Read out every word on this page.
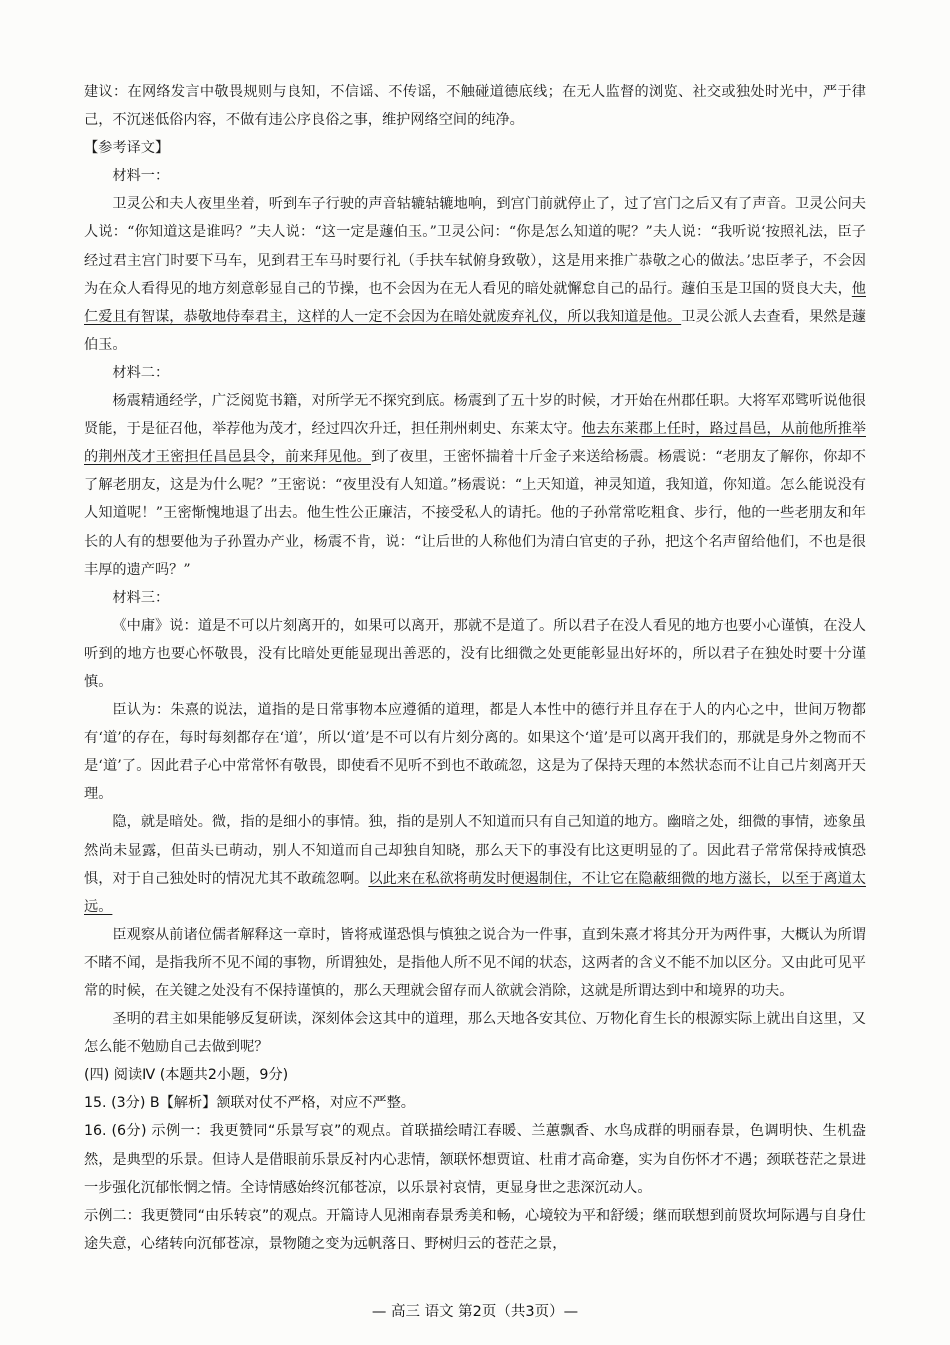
建议：在网络发言中敬畏规则与良知，不信谣、不传谣，不触碰道德底线；在无人监督的浏览、社交或独处时光中，严于律己，不沉迷低俗内容，不做有违公序良俗之事，维护网络空间的纯净。

【参考译文】

材料一：

卫灵公和夫人夜里坐着，听到车子行驶的声音轱辘轱辘地响，到宫门前就停止了，过了宫门之后又有了声音。卫灵公问夫人说：“你知道这是谁吗？”夫人说：“这一定是蘧伯玉。”卫灵公问：“你是怎么知道的呢？”夫人说：“我听说‘按照礼法，臣子经过君主宫门时要下马车，见到君王车马时要行礼（手扶车轼俯身致敬），这是用来推广恭敬之心的做法。’忠臣孝子，不会因为在众人看得见的地方刻意彰显自己的节操，也不会因为在无人看见的暗处就懈怠自己的品行。蘧伯玉是卫国的贤良大夫，他仁爱且有智谋，恭敬地侍奉君主，这样的人一定不会因为在暗处就废弃礼仪，所以我知道是他。卫灵公派人去查看，果然是蘧伯玉。

材料二：

杨震精通经学，广泛阅览书籍，对所学无不探究到底。杨震到了五十岁的时候，才开始在州郡任职。大将军邓骘听说他很贤能，于是征召他，举荐他为茂才，经过四次升迁，担任荆州刺史、东莱太守。他去东莱郡上任时，路过昌邑，从前他所推举的荆州茂才王密担任昌邑县令，前来拜见他。到了夜里，王密怀揣着十斤金子来送给杨震。杨震说：“老朋友了解你，你却不了解老朋友，这是为什么呢？”王密说：“夜里没有人知道。”杨震说：“上天知道，神灵知道，我知道，你知道。怎么能说没有人知道呢！”王密惭愧地退了出去。他生性公正廉洁，不接受私人的请托。他的子孙常常吃粗食、步行，他的一些老朋友和年长的人有的想要他为子孙置办产业，杨震不肯，说：“让后世的人称他们为清白官吏的子孙，把这个名声留给他们，不也是很丰厚的遗产吗？”

材料三：

《中庸》说：道是不可以片刻离开的，如果可以离开，那就不是道了。所以君子在没人看见的地方也要小心谨慎，在没人听到的地方也要心怀敬畏，没有比暗处更能显现出善恶的，没有比细微之处更能彰显出好坏的，所以君子在独处时要十分谨慎。

臣认为：朱熹的说法，道指的是日常事物本应遵循的道理，都是人本性中的德行并且存在于人的内心之中，世间万物都有‘道’的存在，每时每刻都存在‘道’，所以‘道’是不可以有片刻分离的。如果这个‘道’是可以离开我们的，那就是身外之物而不是‘道’了。因此君子心中常常怀有敬畏，即使看不见听不到也不敢疏忽，这是为了保持天理的本然状态而不让自己片刻离开天理。

隐，就是暗处。微，指的是细小的事情。独，指的是别人不知道而只有自己知道的地方。幽暗之处，细微的事情，迹象虽然尚未显露，但苗头已萌动，别人不知道而自己却独自知晓，那么天下的事没有比这更明显的了。因此君子常常保持戒慎恐惧，对于自己独处时的情况尤其不敢疏忽啊。以此来在私欲将萌发时便遏制住，不让它在隐蔽细微的地方滋长，以至于离道太远。

臣观察从前诸位儒者解释这一章时，皆将戒谨恐惧与慎独之说合为一件事，直到朱熹才将其分开为两件事，大概认为所谓不睹不闻，是指我所不见不闻的事物，所谓独处，是指他人所不见不闻的状态，这两者的含义不能不加以区分。又由此可见平常的时候，在关键之处没有不保持谨慎的，那么天理就会留存而人欲就会消除，这就是所谓达到中和境界的功夫。

圣明的君主如果能够反复研读，深刻体会这其中的道理，那么天地各安其位、万物化育生长的根源实际上就出自这里，又怎么能不勉励自己去做到呢？

(四) 阅读Ⅳ (本题共2小题，9分)

15. (3分) B【解析】颔联对仗不严格，对应不严整。

16. (6分) 示例一：我更赞同“乐景写哀”的观点。首联描绘晴江春暖、兰蕙飘香、水鸟成群的明丽春景，色调明快、生机盎然，是典型的乐景。但诗人是借眼前乐景反衬内心悲情，颔联怀想贾谊、杜甫才高命蹇，实为自伤怀才不遇；颈联苍茫之景进一步强化沉郁怅惘之情。全诗情感始终沉郁苍凉，以乐景衬哀情，更显身世之悲深沉动人。

示例二：我更赞同“由乐转哀”的观点。开篇诗人见湘南春景秀美和畅，心境较为平和舒缓；继而联想到前贤坎坷际遇与自身仕途失意，心绪转向沉郁苍凉，景物随之变为远帆落日、野树归云的苍茫之景，

— 高三 语文 第2页（共3页）—
